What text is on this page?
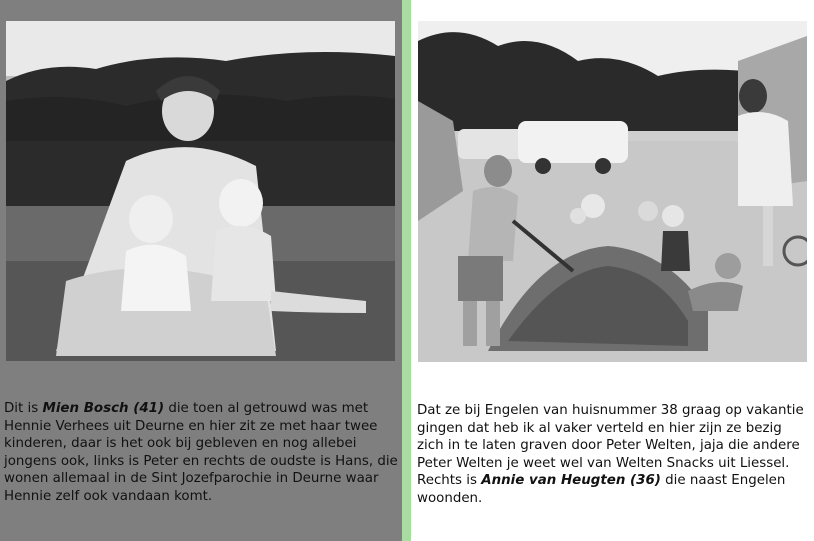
Dit is Mien Bosch (41) die toen al getrouwd was met Hennie Verhees uit Deurne en hier zit ze met haar twee kinderen, daar is het ook bij gebleven en nog allebei jongens ook, links is Peter en rechts de oudste is Hans, die wonen allemaal in de Sint Jozefparochie in Deurne waar Hennie zelf ook vandaan komt.
Dat ze bij Engelen van huisnummer 38 graag op vakantie gingen dat heb ik al vaker verteld en hier zijn ze bezig zich in te laten graven door Peter Welten, jaja die andere Peter Welten je weet wel van Welten Snacks uit Liessel. Rechts is Annie van Heugten (36) die naast Engelen woonden.
